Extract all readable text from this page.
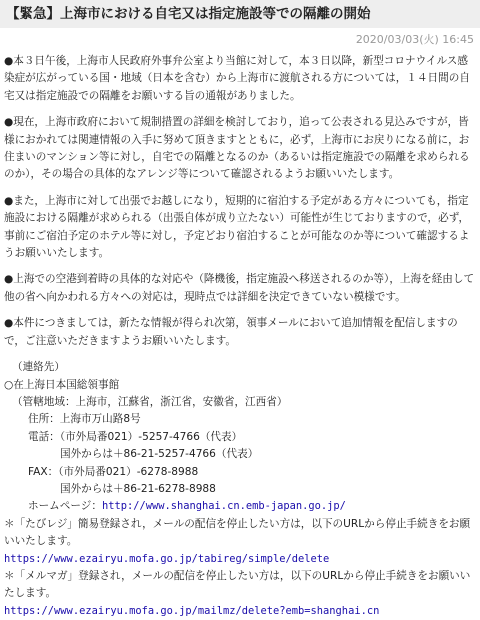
【緊急】上海市における自宅又は指定施設等での隔離の開始
2020/03/03(火) 16:45

●本３日午後，上海市人民政府外事弁公室より当館に対して，本３日以降，新型コロナウイルス感染症が広がっている国・地域（日本を含む）から上海市に渡航される方については，１４日間の自宅又は指定施設での隔離をお願いする旨の通報がありました。

●現在，上海市政府において規制措置の詳細を検討しており，追って公表される見込みですが，皆様におかれては関連情報の入手に努めて頂きますとともに，必ず，上海市にお戻りになる前に，お住まいのマンション等に対し，自宅での隔離となるのか（あるいは指定施設での隔離を求められるのか），その場合の具体的なアレンジ等について確認されるようお願いいたします。

●また，上海市に対して出張でお越しになり，短期的に宿泊する予定がある方々についても，指定施設における隔離が求められる（出張自体が成り立たない）可能性が生じておりますので，必ず，事前にご宿泊予定のホテル等に対し，予定どおり宿泊することが可能なのか等について確認するようお願いいたします。

●上海での空港到着時の具体的な対応や（降機後，指定施設へ移送されるのか等），上海を経由して他の省へ向かわれる方々への対応は，現時点では詳細を決定できていない模様です。

●本件につきましては，新たな情報が得られ次第，領事メールにおいて追加情報を配信しますので，ご注意いただきますようお願いいたします。

（連絡先）
○在上海日本国総領事館
（管轄地域：上海市，江蘇省，浙江省，安徽省，江西省）
住所：上海市万山路8号
電話：（市外局番021）-5257-4766（代表）
国外からは＋86-21-5257-4766（代表）
FAX：（市外局番021）-6278-8988
国外からは＋86-21-6278-8988
ホームページ：http://www.shanghai.cn.emb-japan.go.jp/
＊「たびレジ」簡易登録され，メールの配信を停止したい方は，以下のURLから停止手続きをお願いいたします。
https://www.ezairyu.mofa.go.jp/tabireg/simple/delete
＊「メルマガ」登録され，メールの配信を停止したい方は，以下のURLから停止手続きをお願いいたします。
https://www.ezairyu.mofa.go.jp/mailmz/delete?emb=shanghai.cn
